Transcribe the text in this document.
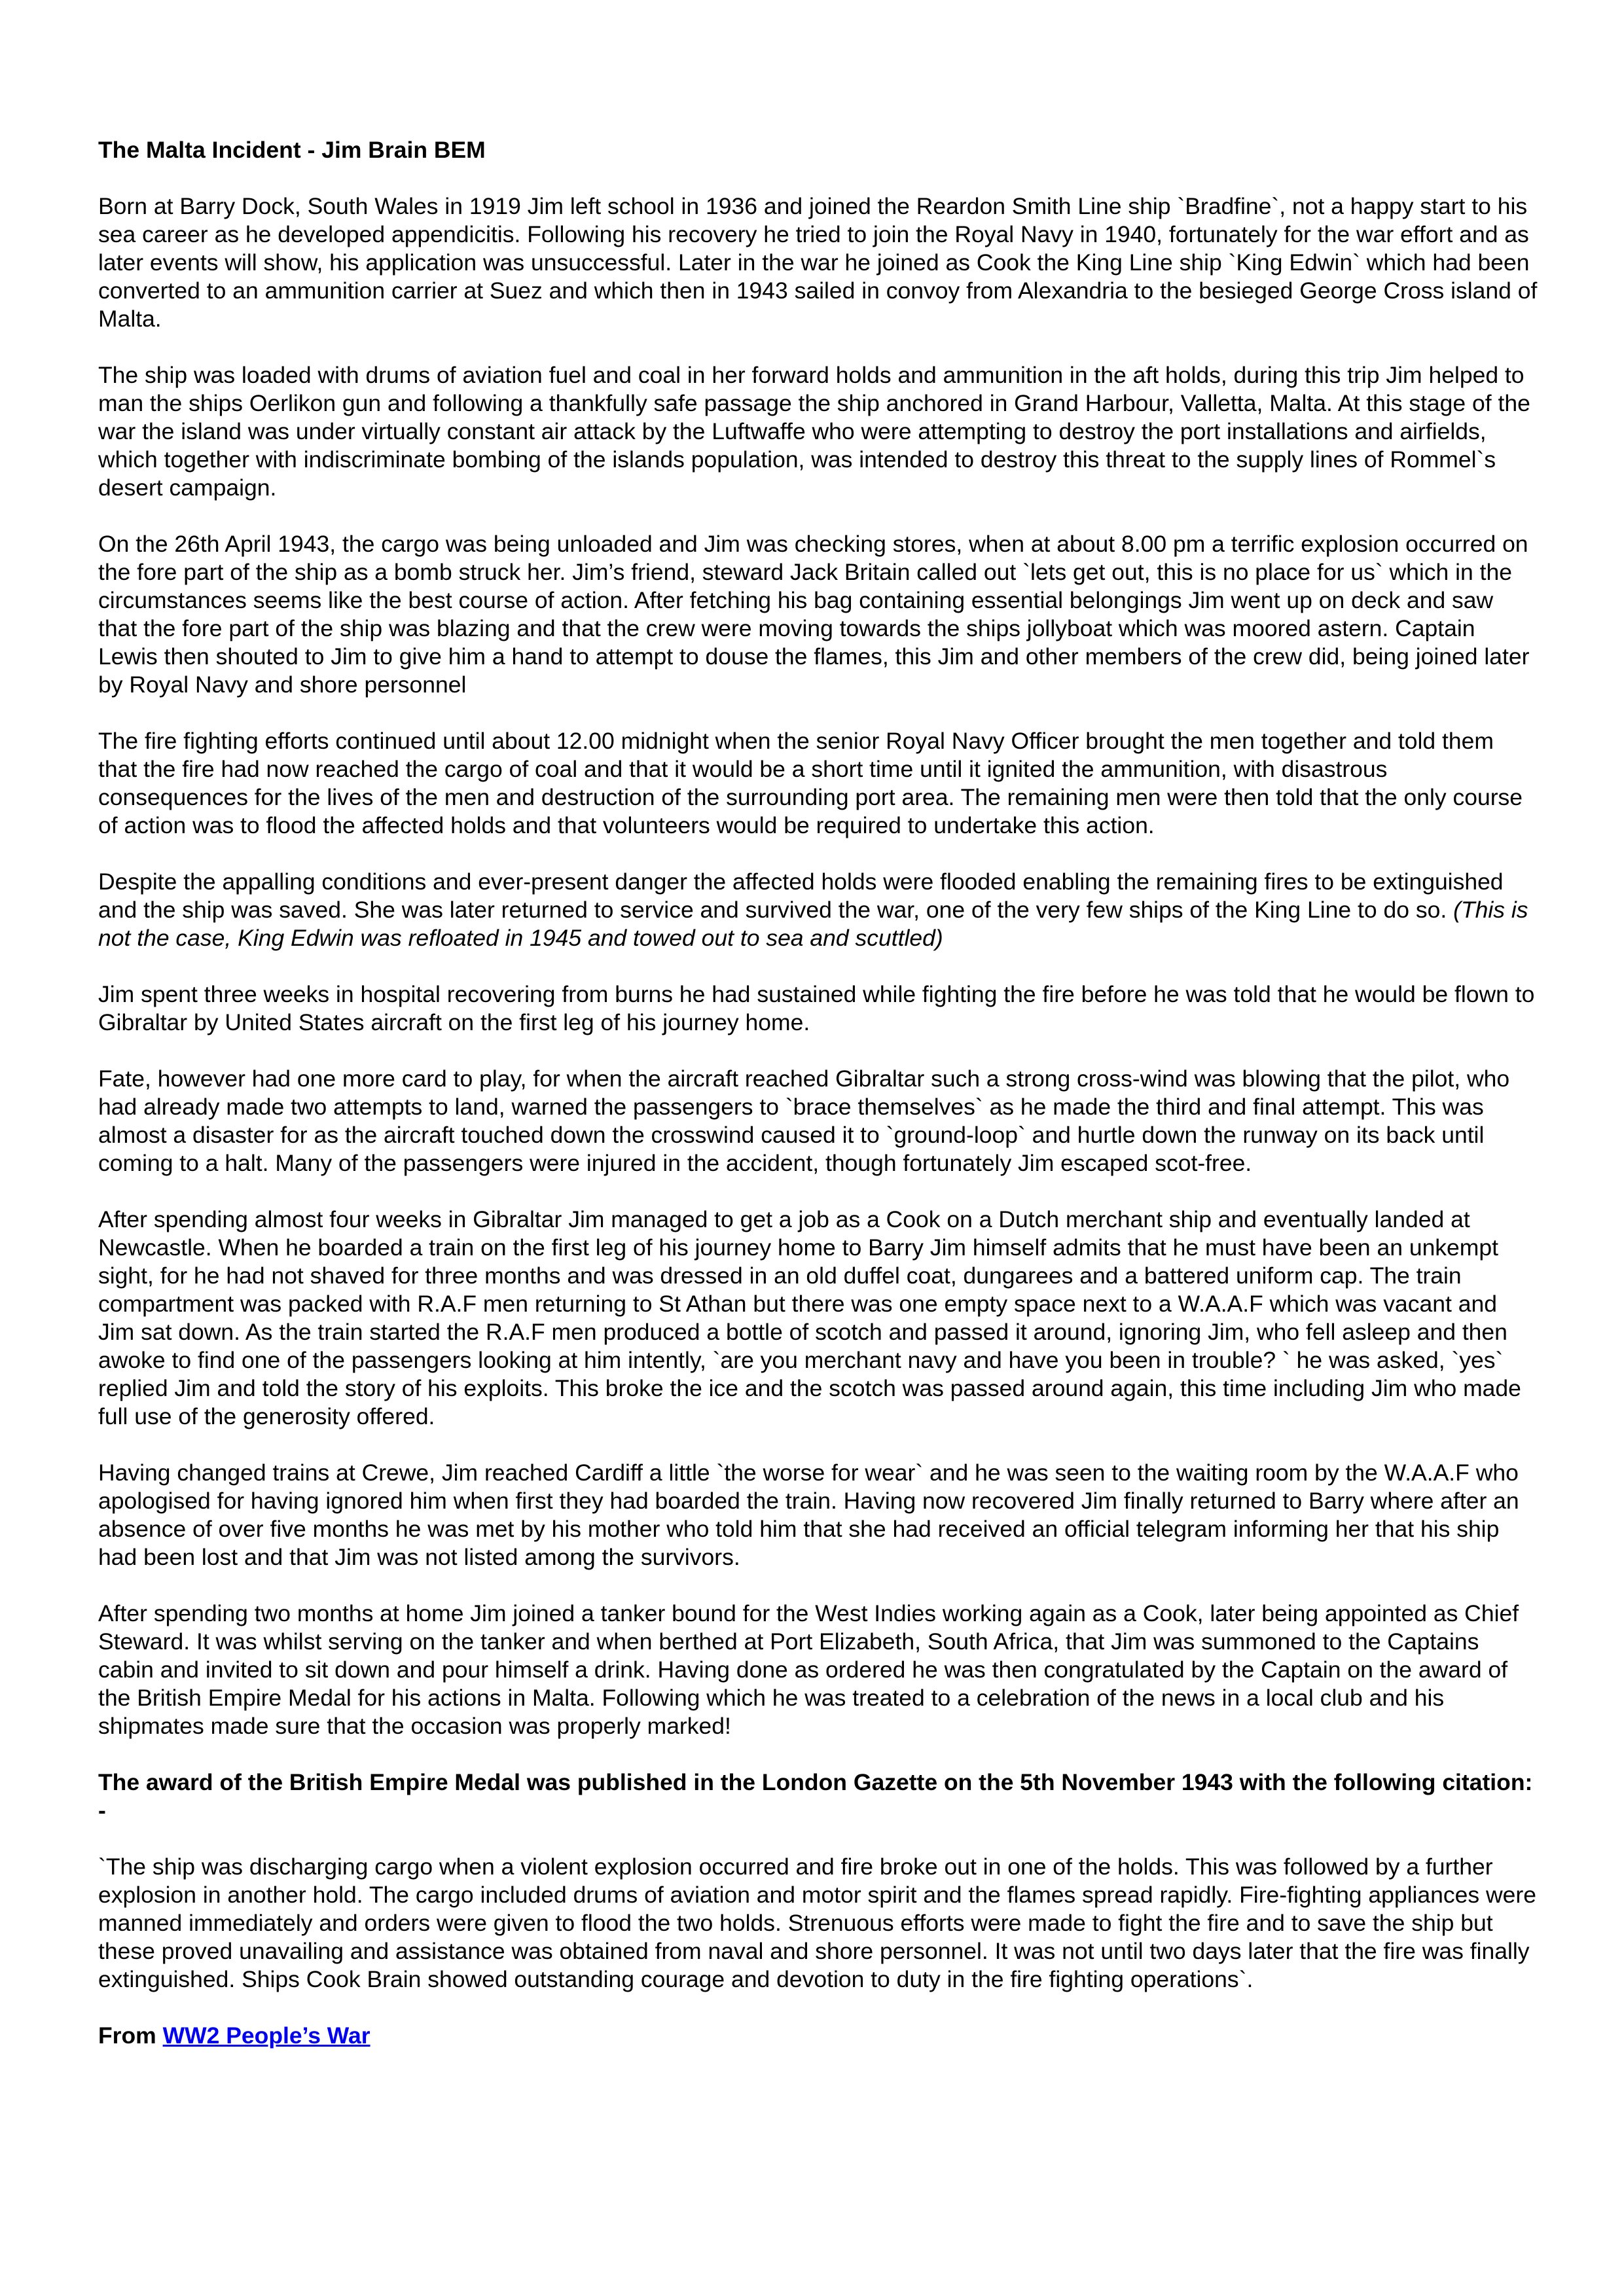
The Malta Incident - Jim Brain BEM

Born at Barry Dock, South Wales in 1919 Jim left school in 1936 and joined the Reardon Smith Line ship `Bradfine`, not a happy start to his sea career as he developed appendicitis. Following his recovery he tried to join the Royal Navy in 1940, fortunately for the war effort and as later events will show, his application was unsuccessful. Later in the war he joined as Cook the King Line ship `King Edwin` which had been converted to an ammunition carrier at Suez and which then in 1943 sailed in convoy from Alexandria to the besieged George Cross island of Malta.

The ship was loaded with drums of aviation fuel and coal in her forward holds and ammunition in the aft holds, during this trip Jim helped to man the ships Oerlikon gun and following a thankfully safe passage the ship anchored in Grand Harbour, Valletta, Malta. At this stage of the war the island was under virtually constant air attack by the Luftwaffe who were attempting to destroy the port installations and airfields, which together with indiscriminate bombing of the islands population, was intended to destroy this threat to the supply lines of Rommel`s desert campaign.

On the 26th April 1943, the cargo was being unloaded and Jim was checking stores, when at about 8.00 pm a terrific explosion occurred on the fore part of the ship as a bomb struck her. Jim’s friend, steward Jack Britain called out `lets get out, this is no place for us` which in the circumstances seems like the best course of action. After fetching his bag containing essential belongings Jim went up on deck and saw that the fore part of the ship was blazing and that the crew were moving towards the ships jollyboat which was moored astern. Captain Lewis then shouted to Jim to give him a hand to attempt to douse the flames, this Jim and other members of the crew did, being joined later by Royal Navy and shore personnel

The fire fighting efforts continued until about 12.00 midnight when the senior Royal Navy Officer brought the men together and told them that the fire had now reached the cargo of coal and that it would be a short time until it ignited the ammunition, with disastrous consequences for the lives of the men and destruction of the surrounding port area. The remaining men were then told that the only course of action was to flood the affected holds and that volunteers would be required to undertake this action.

Despite the appalling conditions and ever-present danger the affected holds were flooded enabling the remaining fires to be extinguished and the ship was saved. She was later returned to service and survived the war, one of the very few ships of the King Line to do so. (This is not the case, King Edwin was refloated in 1945 and towed out to sea and scuttled)

Jim spent three weeks in hospital recovering from burns he had sustained while fighting the fire before he was told that he would be flown to Gibraltar by United States aircraft on the first leg of his journey home.

Fate, however had one more card to play, for when the aircraft reached Gibraltar such a strong cross-wind was blowing that the pilot, who had already made two attempts to land, warned the passengers to `brace themselves` as he made the third and final attempt. This was almost a disaster for as the aircraft touched down the crosswind caused it to `ground-loop` and hurtle down the runway on its back until coming to a halt. Many of the passengers were injured in the accident, though fortunately Jim escaped scot-free.

After spending almost four weeks in Gibraltar Jim managed to get a job as a Cook on a Dutch merchant ship and eventually landed at Newcastle. When he boarded a train on the first leg of his journey home to Barry Jim himself admits that he must have been an unkempt sight, for he had not shaved for three months and was dressed in an old duffel coat, dungarees and a battered uniform cap. The train compartment was packed with R.A.F men returning to St Athan but there was one empty space next to a W.A.A.F which was vacant and Jim sat down. As the train started the R.A.F men produced a bottle of scotch and passed it around, ignoring Jim, who fell asleep and then awoke to find one of the passengers looking at him intently, `are you merchant navy and have you been in trouble? ` he was asked, `yes` replied Jim and told the story of his exploits. This broke the ice and the scotch was passed around again, this time including Jim who made full use of the generosity offered.

Having changed trains at Crewe, Jim reached Cardiff a little `the worse for wear` and he was seen to the waiting room by the W.A.A.F who apologised for having ignored him when first they had boarded the train. Having now recovered Jim finally returned to Barry where after an absence of over five months he was met by his mother who told him that she had received an official telegram informing her that his ship had been lost and that Jim was not listed among the survivors.

After spending two months at home Jim joined a tanker bound for the West Indies working again as a Cook, later being appointed as Chief Steward. It was whilst serving on the tanker and when berthed at Port Elizabeth, South Africa, that Jim was summoned to the Captains cabin and invited to sit down and pour himself a drink. Having done as ordered he was then congratulated by the Captain on the award of the British Empire Medal for his actions in Malta. Following which he was treated to a celebration of the news in a local club and his shipmates made sure that the occasion was properly marked!

The award of the British Empire Medal was published in the London Gazette on the 5th November 1943 with the following citation: -

`The ship was discharging cargo when a violent explosion occurred and fire broke out in one of the holds. This was followed by a further explosion in another hold. The cargo included drums of aviation and motor spirit and the flames spread rapidly. Fire-fighting appliances were manned immediately and orders were given to flood the two holds. Strenuous efforts were made to fight the fire and to save the ship but these proved unavailing and assistance was obtained from naval and shore personnel. It was not until two days later that the fire was finally extinguished. Ships Cook Brain showed outstanding courage and devotion to duty in the fire fighting operations`.

From WW2 People’s War
